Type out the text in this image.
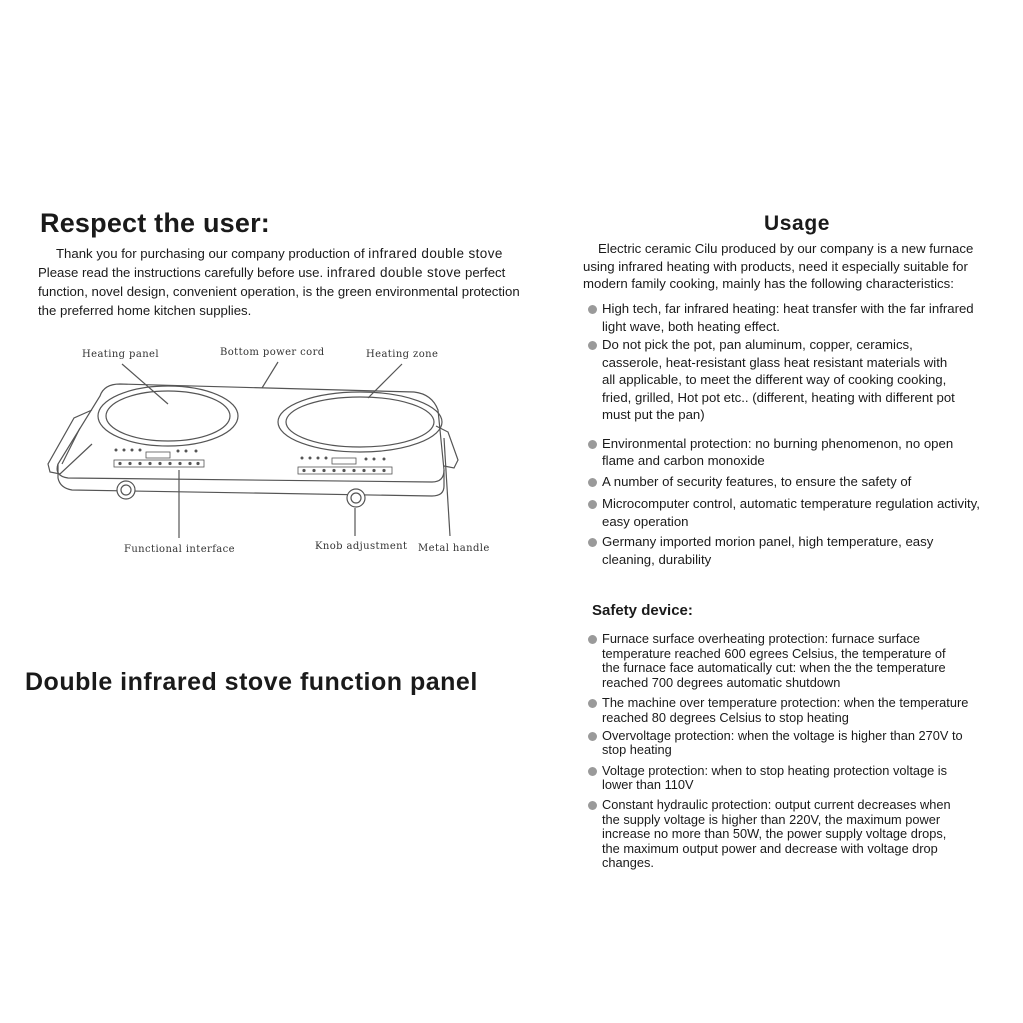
Respect the user:
Thank you for purchasing our company production of infrared double stove
Please read the instructions carefully before use. infrared double stove perfect
function, novel design, convenient operation, is the green environmental protection
the preferred home kitchen supplies.
Heating panel	Bottom power cord	Heating zone
Functional interface	Knob adjustment Metal handle
Double infrared stove function panel
Usage
Electric ceramic Cilu produced by our company is a new furnace
using infrared heating with products, need it especially suitable for
modern family cooking, mainly has the following characteristics:
High tech, far infrared heating: heat transfer with the far infrared
light wave, both heating effect.
Do not pick the pot, pan aluminum, copper, ceramics,
casserole, heat-resistant glass heat resistant materials with
all applicable, to meet the different way of cooking cooking,
fried, grilled, Hot pot etc.. (different, heating with different pot
must put the pan)
Environmental protection: no burning phenomenon, no open
flame and carbon monoxide
A number of security features, to ensure the safety of
Microcomputer control, automatic temperature regulation activity,
easy operation
Germany imported morion panel, high temperature, easy
cleaning, durability
Safety device:
Furnace surface overheating protection: furnace surface
temperature reached 600 egrees Celsius, the temperature of
the furnace face automatically cut: when the the temperature
reached 700 degrees automatic shutdown
The machine over temperature protection: when the temperature
reached 80 degrees Celsius to stop heating
Overvoltage protection: when the voltage is higher than 270V to
stop heating
Voltage protection: when to stop heating protection voltage is
lower than 110V
Constant hydraulic protection: output current decreases when
the supply voltage is higher than 220V, the maximum power
increase no more than 50W, the power supply voltage drops,
the maximum output power and decrease with voltage drop
changes.
